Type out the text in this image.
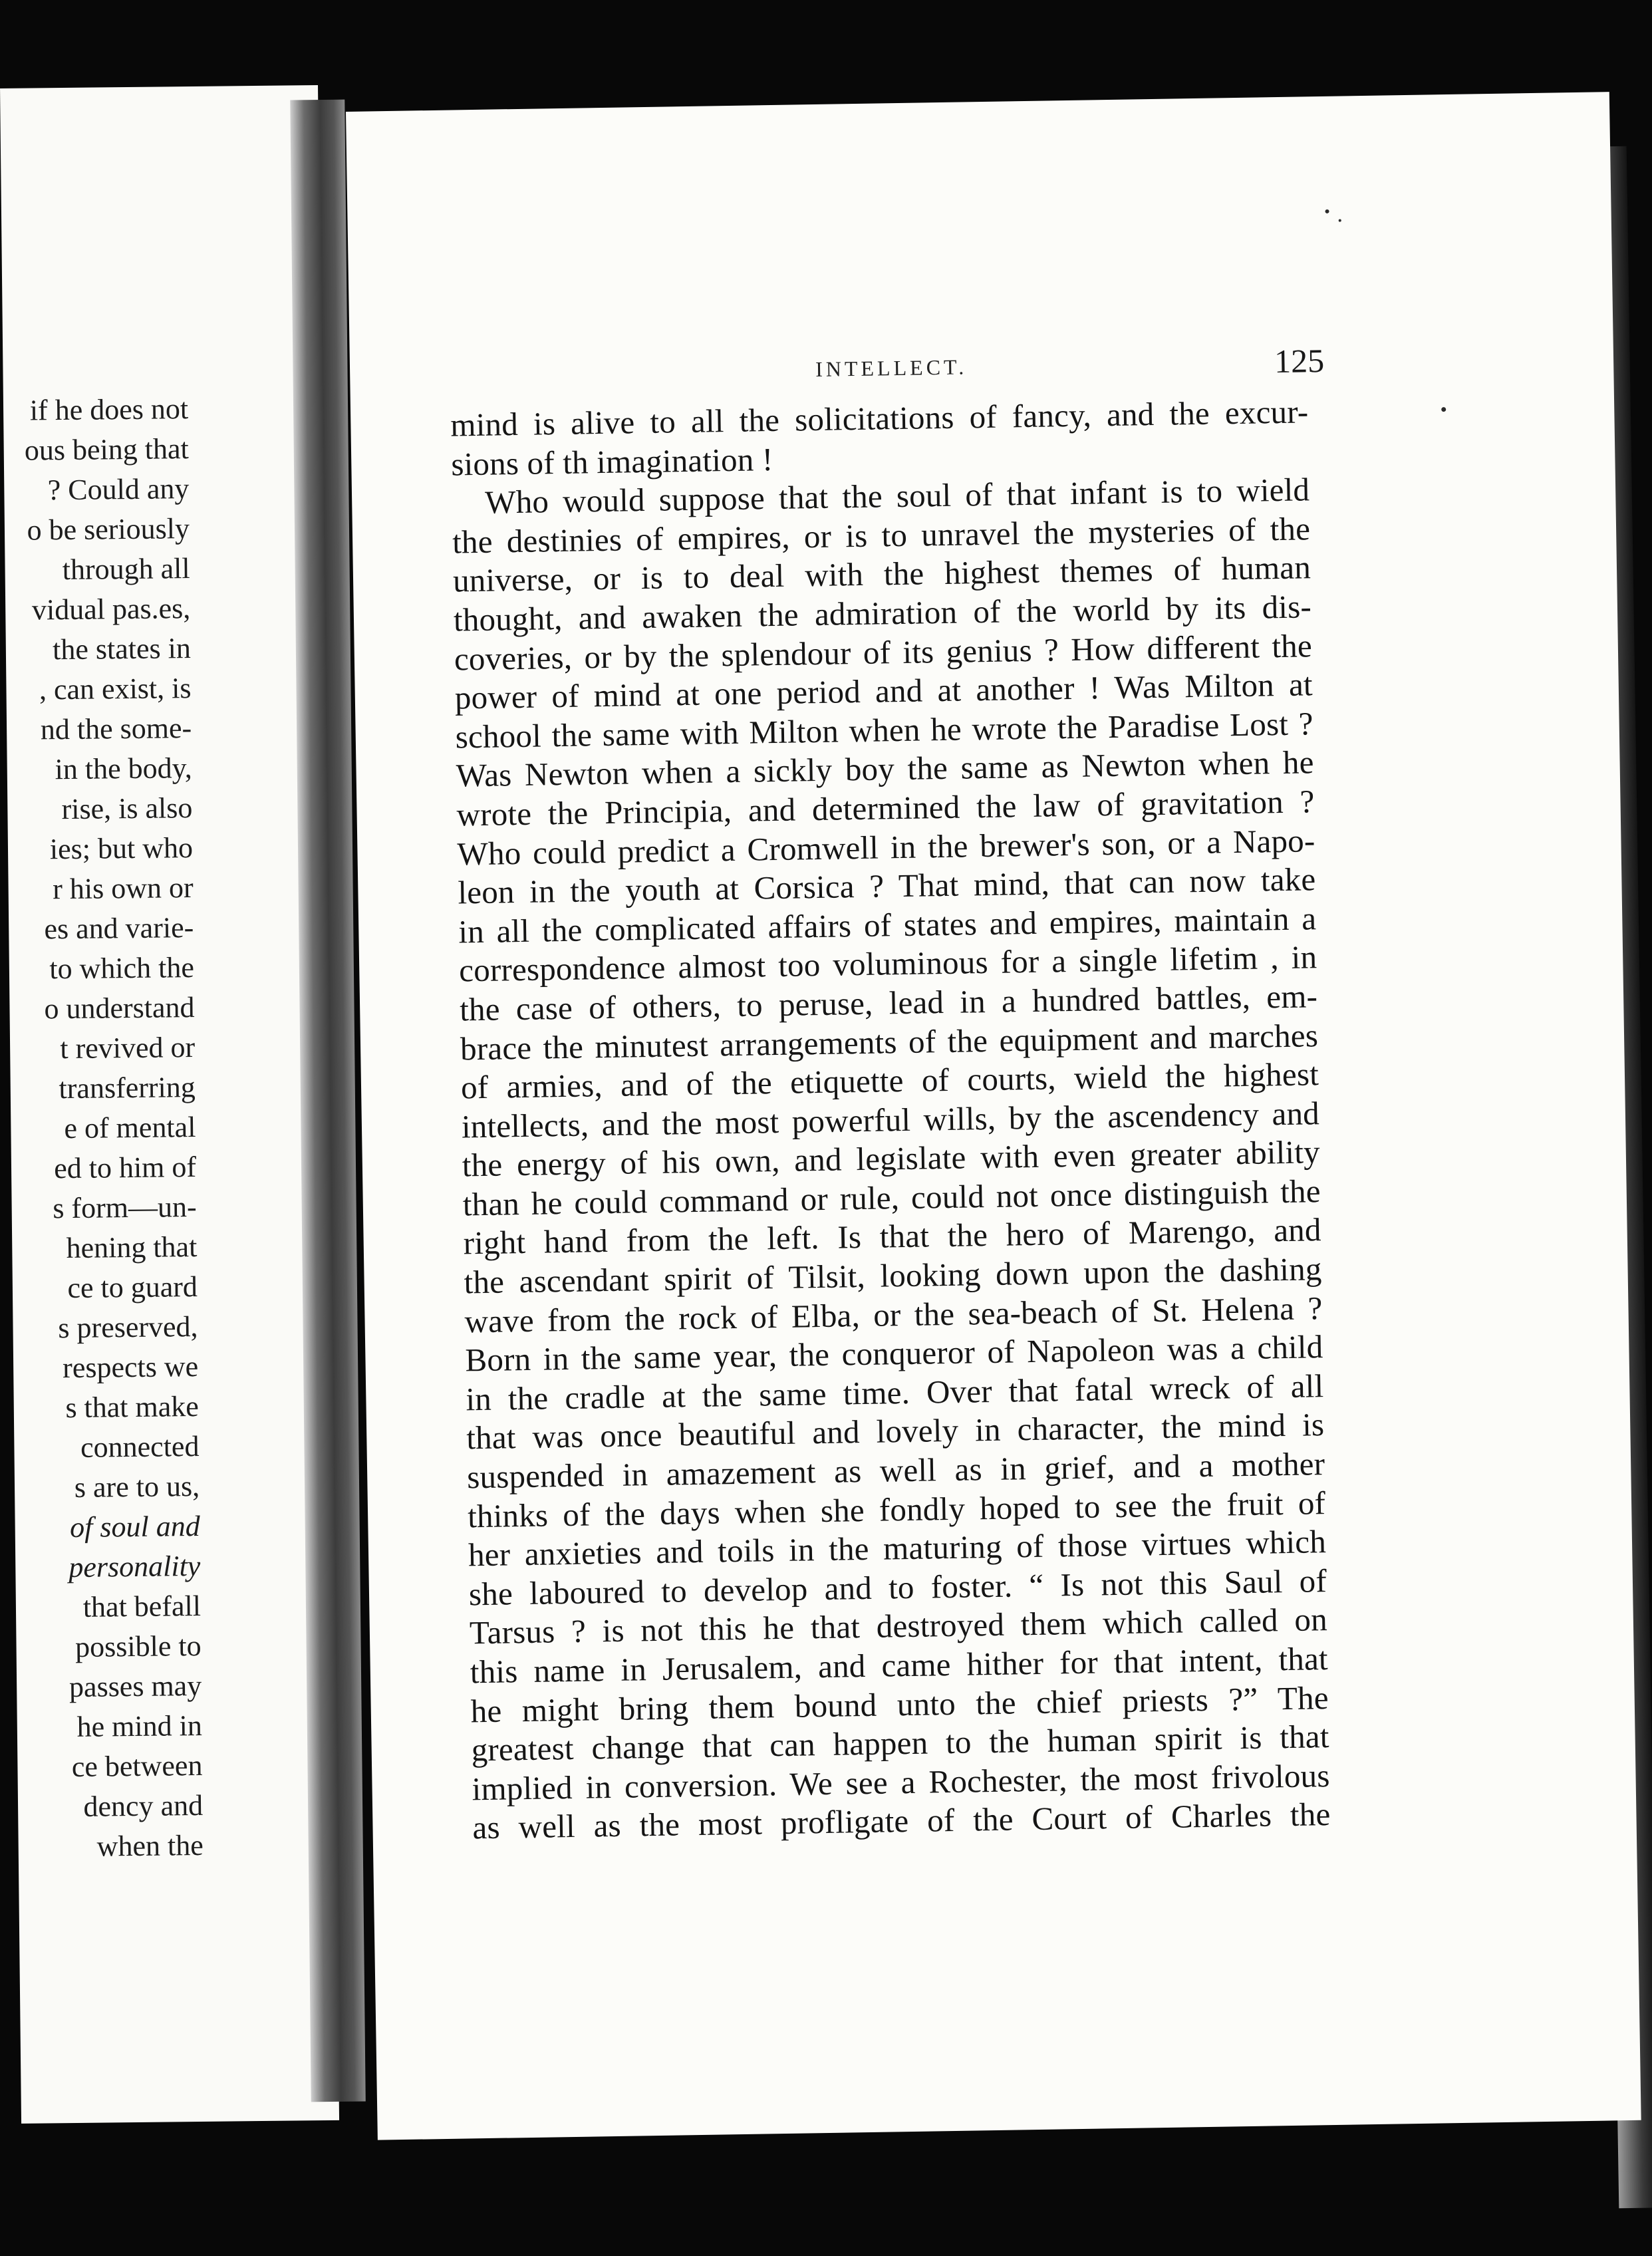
if he does not
ous being that
? Could any
o be seriously
through all
vidual pas.es,
the states in
, can exist, is
nd the some-
in the body,
rise, is also
ies; but who
r his own or
es and varie-
to which the
o understand
t revived or
transferring
e of mental
ed to him of
s form—un-
hening that
ce to guard
s preserved,
respects we
s that make
connected
s are to us,
of soul and
personality
that befall
possible to
passes may
he mind in
ce between
dency and
when the
INTELLECT.	125
mind is alive to all the solicitations of fancy, and the excur-
sions of th imagination !
Who would suppose that the soul of that infant is to wield
the destinies of empires, or is to unravel the mysteries of the
universe, or is to deal with the highest themes of human
thought, and awaken the admiration of the world by its dis-
coveries, or by the splendour of its genius ? How different the
power of mind at one period and at another ! Was Milton at
school the same with Milton when he wrote the Paradise Lost ?
Was Newton when a sickly boy the same as Newton when he
wrote the Principia, and determined the law of gravitation ?
Who could predict a Cromwell in the brewer's son, or a Napo-
leon in the youth at Corsica ? That mind, that can now take
in all the complicated affairs of states and empires, maintain a
correspondence almost too voluminous for a single lifetim , in
the case of others, to peruse, lead in a hundred battles, em-
brace the minutest arrangements of the equipment and marches
of armies, and of the etiquette of courts, wield the highest
intellects, and the most powerful wills, by the ascendency and
the energy of his own, and legislate with even greater ability
than he could command or rule, could not once distinguish the
right hand from the left. Is that the hero of Marengo, and
the ascendant spirit of Tilsit, looking down upon the dashing
wave from the rock of Elba, or the sea-beach of St. Helena ?
Born in the same year, the conqueror of Napoleon was a child
in the cradle at the same time. Over that fatal wreck of all
that was once beautiful and lovely in character, the mind is
suspended in amazement as well as in grief, and a mother
thinks of the days when she fondly hoped to see the fruit of
her anxieties and toils in the maturing of those virtues which
she laboured to develop and to foster. “ Is not this Saul of
Tarsus ? is not this he that destroyed them which called on
this name in Jerusalem, and came hither for that intent, that
he might bring them bound unto the chief priests ?” The
greatest change that can happen to the human spirit is that
implied in conversion. We see a Rochester, the most frivolous
as well as the most profligate of the Court of Charles the
